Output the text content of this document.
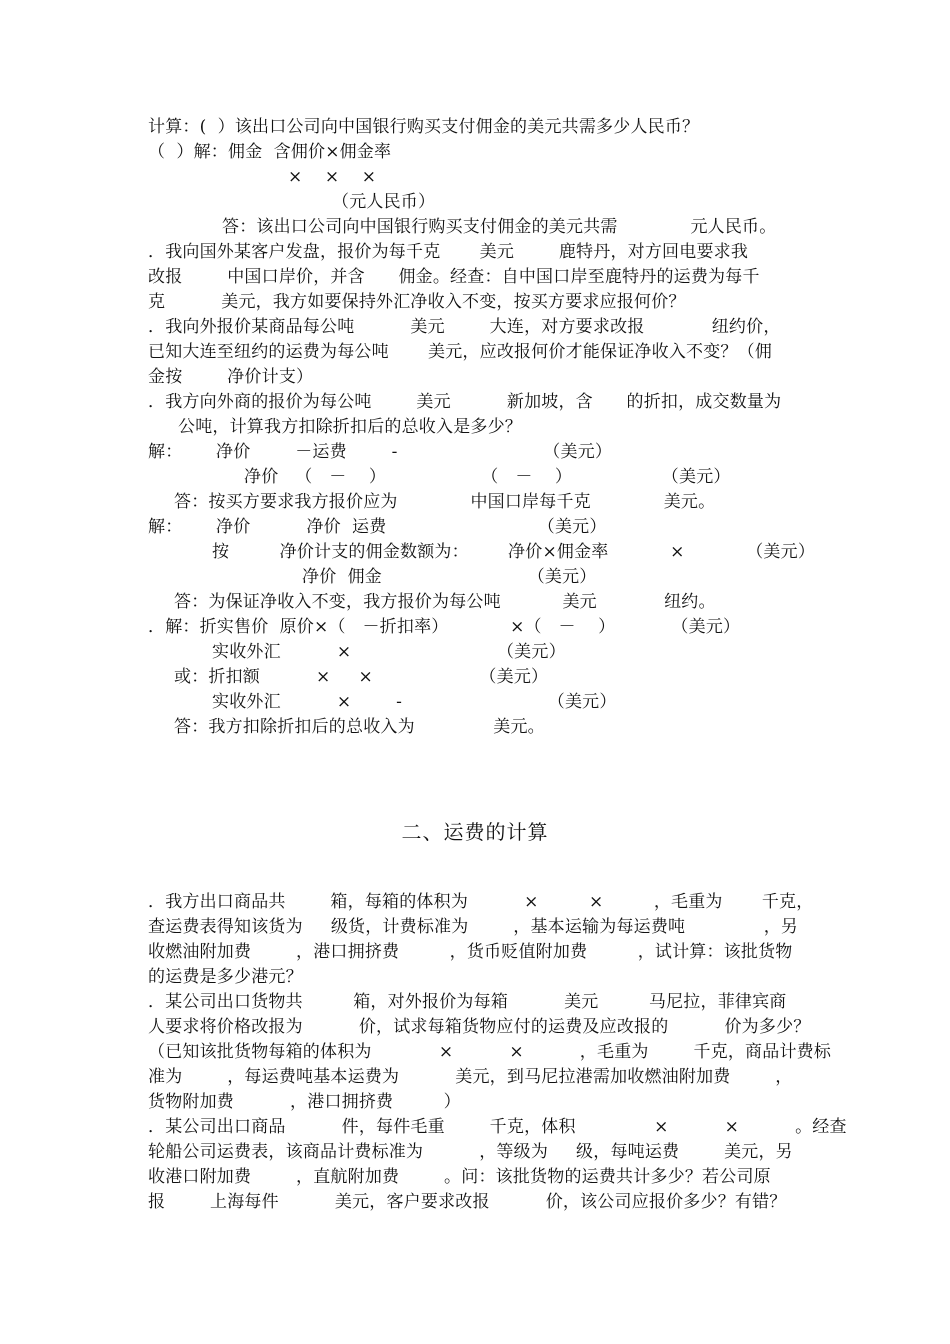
计算：(  ）该出口公司向中国银行购买支付佣金的美元共需多少人民币？
（  ）解：佣金  含佣价×佣金率
×    ×    ×
（元人民币）
答：该出口公司向中国银行购买支付佣金的美元共需             元人民币。
．我向国外某客户发盘，报价为每千克       美元        鹿特丹，对方回电要求我
改报        中国口岸价，并含      佣金。经查：自中国口岸至鹿特丹的运费为每千
克          美元，我方如要保持外汇净收入不变，按买方要求应报何价？
．我向外报价某商品每公吨          美元        大连，对方要求改报            纽约价，
已知大连至纽约的运费为每公吨       美元，应改报何价才能保证净收入不变？（佣
金按        净价计支）
．我方向外商的报价为每公吨        美元          新加坡，含      的折扣，成交数量为
公吨，计算我方扣除折扣后的总收入是多少？
解： 净价        －运费        -                          （美元）
净价   （   －    ）                 （   －    ）                （美元）
答：按买方要求我方报价应为             中国口岸每千克             美元。
解： 净价          净价  运费                           （美元）
按         净价计支的佣金数额为：       净价×佣金率           ×           （美元）
净价  佣金                          （美元）
答：为保证净收入不变，我方报价为每公吨           美元            纽约。
．解：折实售价  原价×（   －折扣率）           ×（   －    ）          （美元）
实收外汇          ×                          （美元）
或：折扣额          ×     ×                   （美元）
实收外汇          ×        -                          （美元）
答：我方扣除折扣后的总收入为              美元。
二、运费的计算
．我方出口商品共        箱，每箱的体积为          ×         ×         ，毛重为       千克，
查运费表得知该货为     级货，计费标准为        ，基本运输为每运费吨              ，另
收燃油附加费        ，港口拥挤费         ，货币贬值附加费         ，试计算：该批货物
的运费是多少港元？
．某公司出口货物共         箱，对外报价为每箱          美元         马尼拉，菲律宾商
人要求将价格改报为          价，试求每箱货物应付的运费及应改报的          价为多少？
（已知该批货物每箱的体积为            ×          ×          ，毛重为        千克，商品计费标
准为        ，每运费吨基本运费为          美元，到马尼拉港需加收燃油附加费        ，
货物附加费          ，港口拥挤费         ）
．某公司出口商品          件，每件毛重        千克，体积              ×          ×          。经查
轮船公司运费表，该商品计费标准为          ，等级为     级，每吨运费        美元，另
收港口附加费        ，直航附加费        。问：该批货物的运费共计多少？若公司原
报        上海每件          美元，客户要求改报          价，该公司应报价多少？有错？
